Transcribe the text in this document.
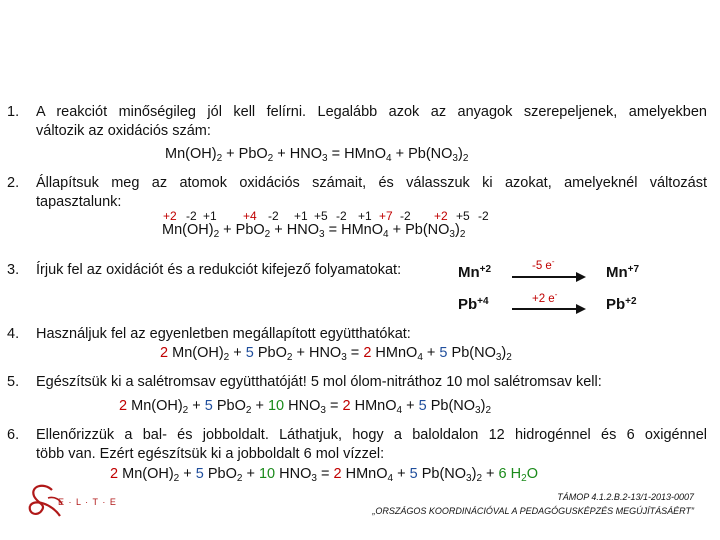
1. A reakciót minőségileg jól kell felírni. Legalább azok az anyagok szerepeljenek, amelyekben
változik az oxidációs szám:
$Mn(OH)_2 + PbO_2 + HNO_3$ = HMnO$_4$ + $Pb(NO_3)_2$
2. Állapítsuk meg az atomok oxidációs számait, és válasszuk ki azokat, amelyeknél változást
tapasztalunk:
+2 -2 +1 +4 -2 +1 +5 -2 +1 +7 -2 +2 +5 -2
$Mn(OH)_2 + PbO_2 + HNO_3$ = HMnO$_4$ + $Pb(NO_3)_2$
3. Írjuk fel az oxidációt és a redukciót kifejező folyamatokat:	$Mn^{+2}$	-5 e-
$Mn^{+7}$
$Pb^{+4}$	+2 e-
$Pb^{+2}$
4. Használjuk fel az egyenletben megállapított együtthatókat:
2 $Mn(OH)_2 + 5$ $PbO_2 + HNO_3 = 2$ HMnO$_4$ + 5 $Pb(NO_3)_2$
5. Egészítsük ki a salétromsav együtthatóját! 5 mol ólom-nitráthoz 10 mol salétromsav kell:
2 $Mn(OH)_2 + 5$ PbO$_2$ + 10 $HNO_3 = 2$ HMnO$_4$ + 5 $Pb(NO_3)_2$
6. Ellenőrizzük a bal- és jobboldalt. Láthatjuk, hogy a baloldalon 12 hidrogénnel és 6 oxigénnel
több van. Ezért egészítsük ki a jobboldalt 6 mol vízzel:
2 $Mn(OH)_2 + 5$ PbO$_2$ + 10 $HNO_3 = 2$ HMnO$_4$ + 5 $Pb(NO_3)_2 + 6$ $H_2O$
E · L · T · E	TÁMOP 4.1.2.B.2-13/1-2013-0007
„ORSZÁGOS KOORDINÁCIÓVAL A PEDAGÓGUSKÉPZÉS MEGÚJÍTÁSÁÉRT”
